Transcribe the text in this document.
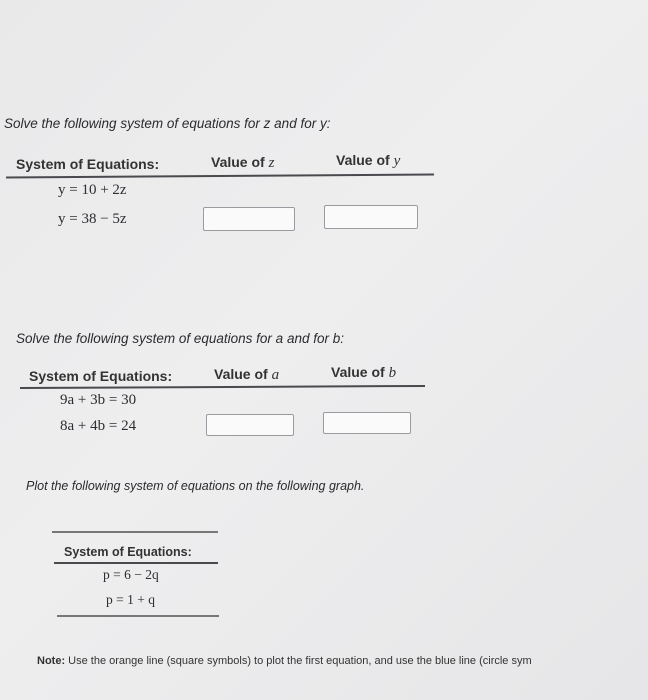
Solve the following system of equations for z and for y:
System of Equations:	Value of z	Value of y
y = 10 + 2z
y = 38 − 5z
Solve the following system of equations for a and for b:
System of Equations:	Value of a	Value of b
9a + 3b = 30
8a + 4b = 24
Plot the following system of equations on the following graph.
System of Equations:
p = 6 − 2q
p = 1 + q
Note: Use the orange line (square symbols) to plot the first equation, and use the blue line (circle sym
